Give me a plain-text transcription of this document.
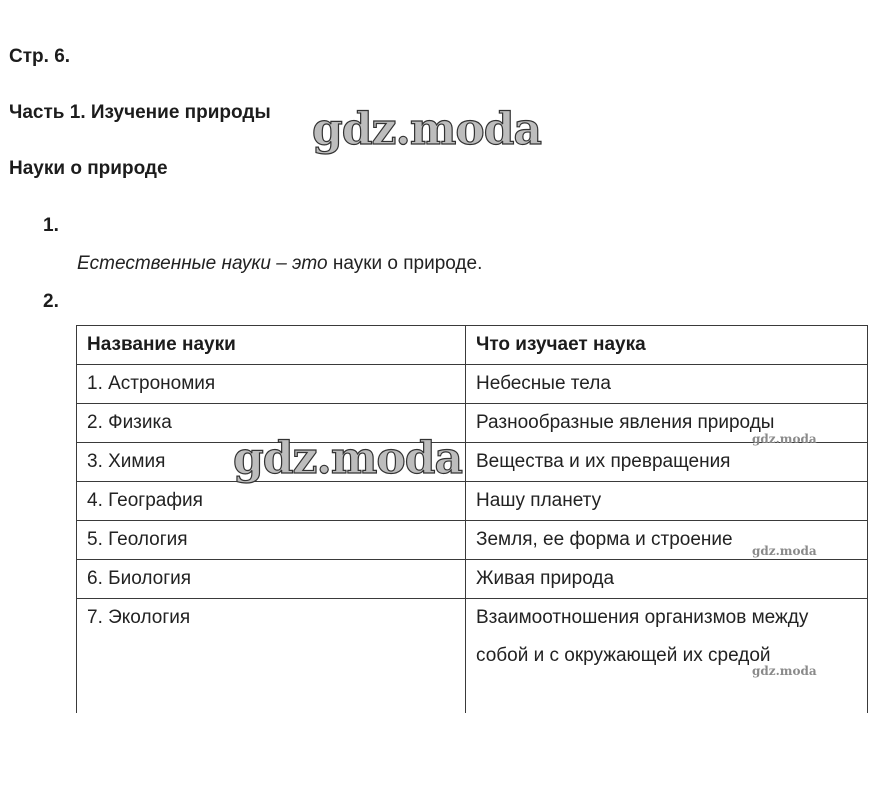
Стр. 6.
Часть 1. Изучение природы
Науки о природе
1.
Естественные науки – это науки о природе.
2.
Название науки	Что изучает наука
1. Астрономия	Небесные тела
2. Физика	Разнообразные явления природы
3. Химия	Вещества и их превращения
4. География	Нашу планету
5. Геология	Земля, ее форма и строение
6. Биология	Живая природа
7. Экология	Взаимоотношения организмов между собой и с окружающей их средой
gdz.moda
gdz.moda	gdz.moda
gdz.moda
gdz.moda
